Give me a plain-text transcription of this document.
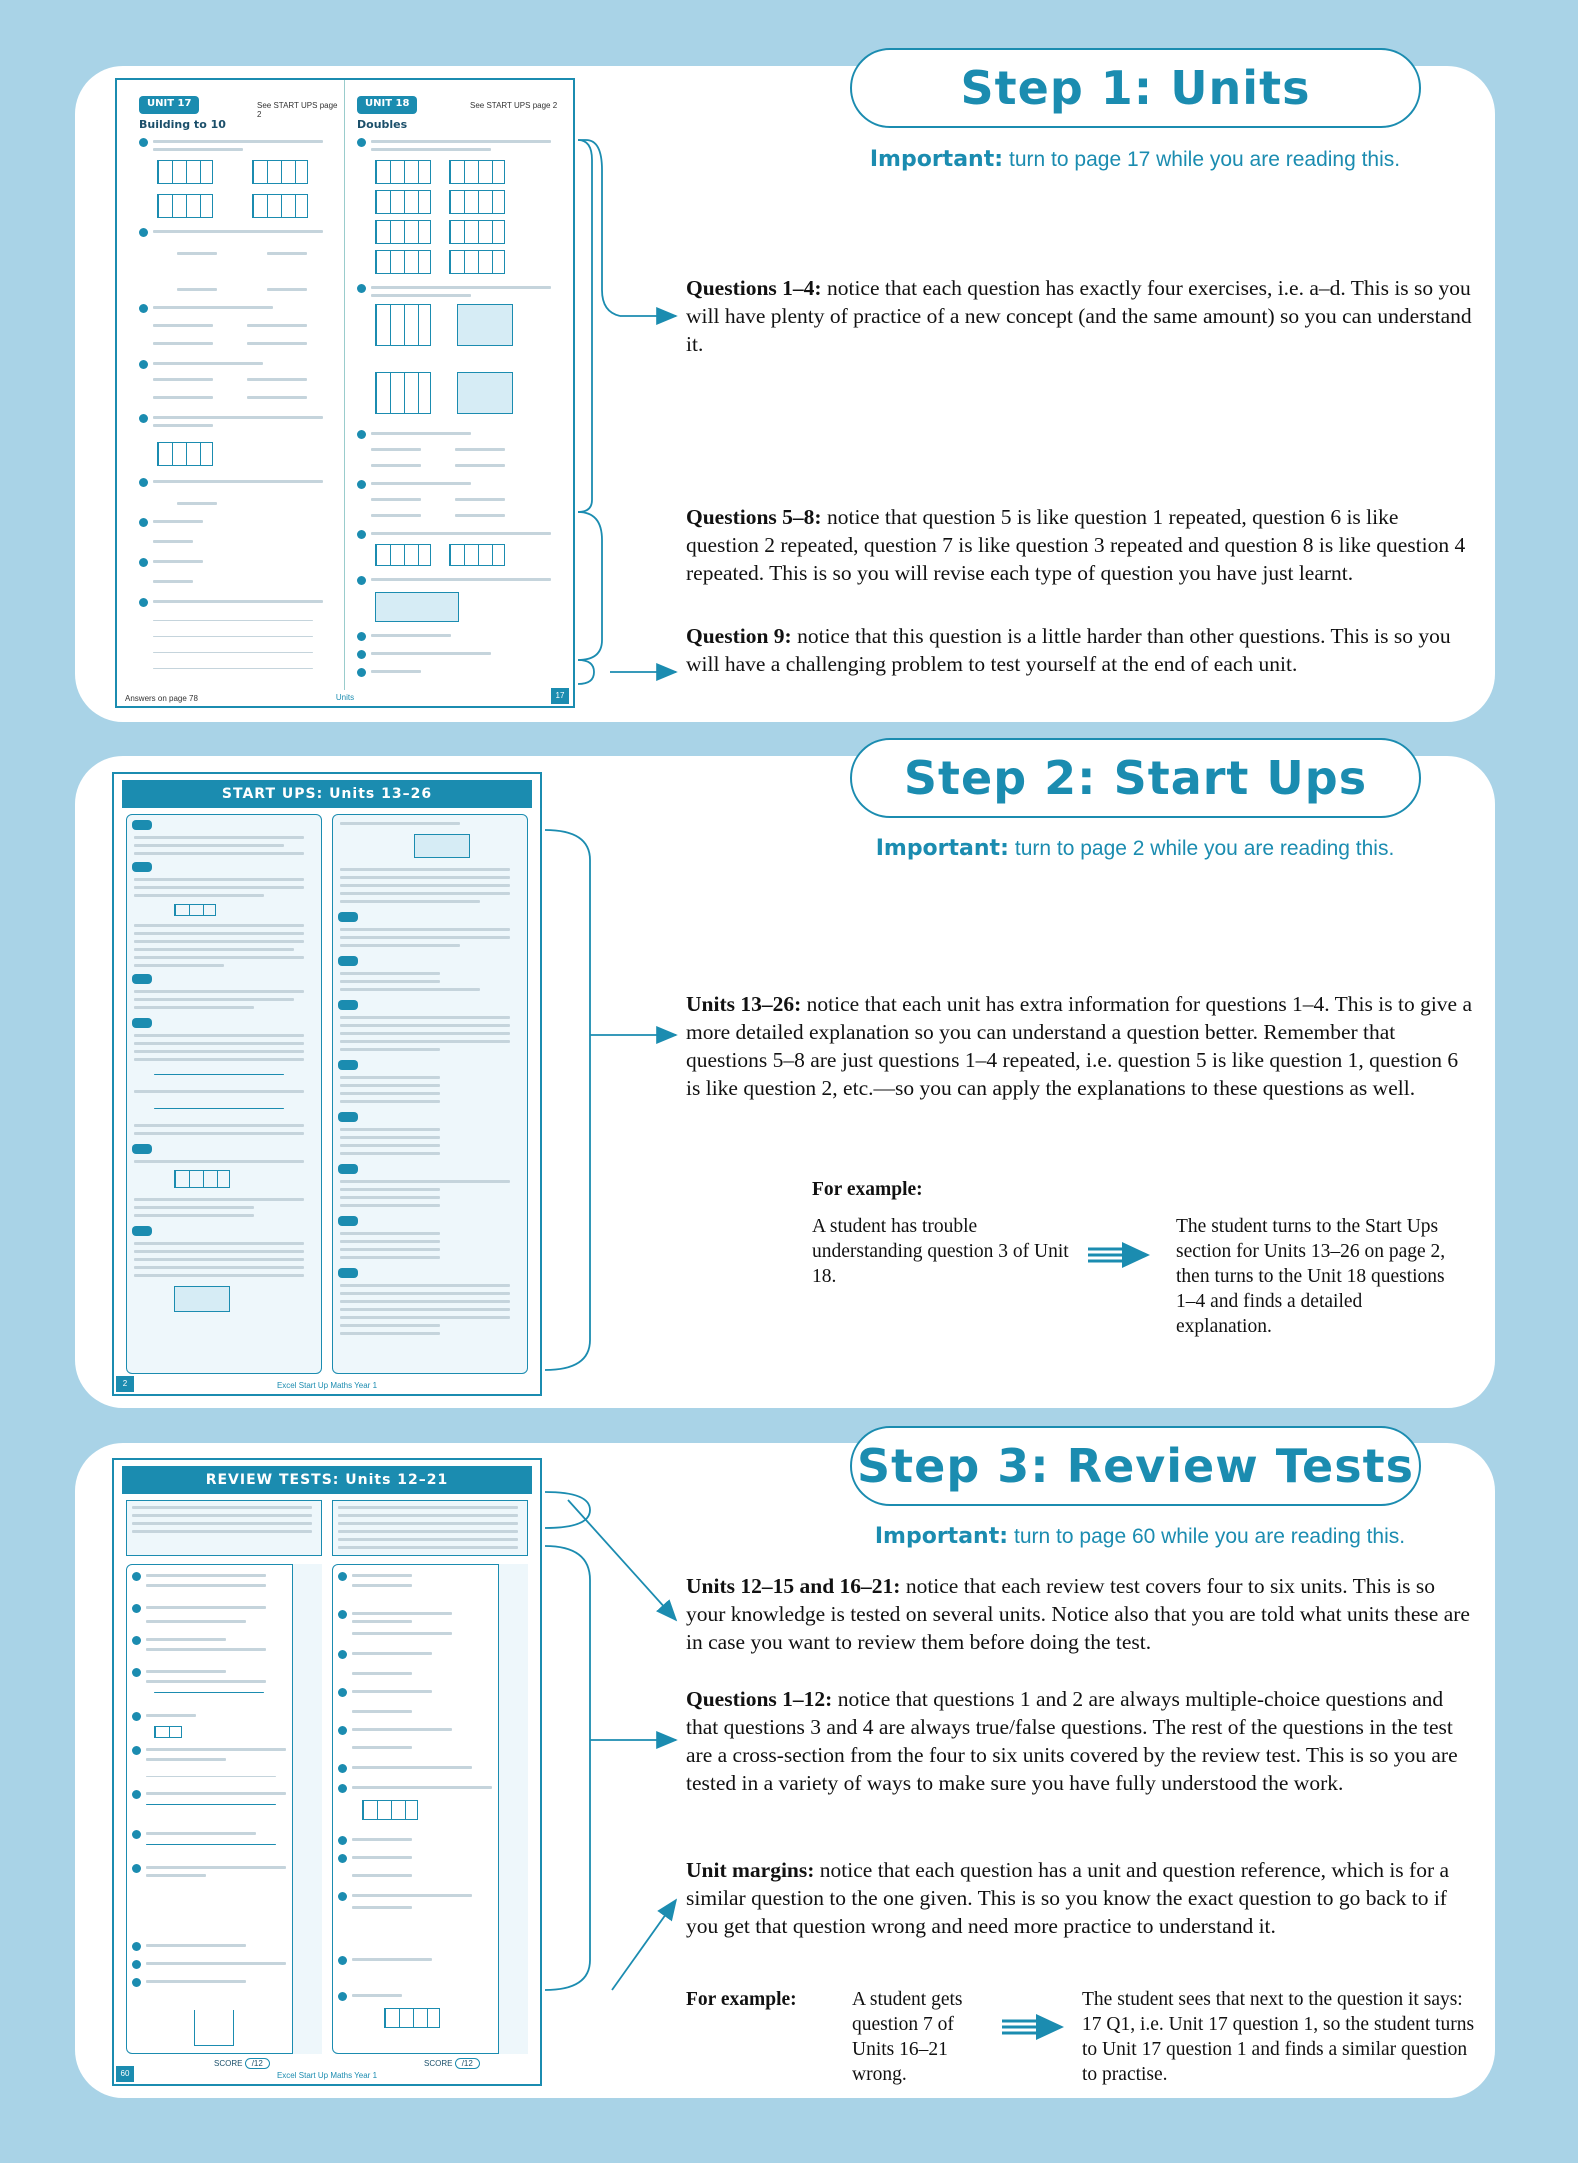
Step 1: Units
Important: turn to page 17 while you are reading this.
UNIT 17	See START UPS page 2
Building to 10
UNIT 18	See START UPS page 2
Doubles
Answers on page 78	Units	17
Questions 1–4: notice that each question has exactly four exercises, i.e. a–d. This is so you will have plenty of practice of a new concept (and the same amount) so you can understand it.
Questions 5–8: notice that question 5 is like question 1 repeated, question 6 is like question 2 repeated, question 7 is like question 3 repeated and question 8 is like question 4 repeated. This is so you will revise each type of question you have just learnt.
Question 9: notice that this question is a little harder than other questions. This is so you will have a challenging problem to test yourself at the end of each unit.
Step 2: Start Ups
Important: turn to page 2 while you are reading this.
START UPS: Units 13–26
Excel Start Up Maths Year 1
2
Units 13–26: notice that each unit has extra information for questions 1–4. This is to give a more detailed explanation so you can understand a question better. Remember that questions 5–8 are just questions 1–4 repeated, i.e. question 5 is like question 1, question 6 is like question 2, etc.—so you can apply the explanations to these questions as well.
For example:
A student has trouble understanding question 3 of Unit 18.
The student turns to the Start Ups section for Units 13–26 on page 2, then turns to the Unit 18 questions 1–4 and finds a detailed explanation.
Step 3: Review Tests
Important: turn to page 60 while you are reading this.
REVIEW TESTS: Units 12–21
SCORE /12	SCORE /12
Excel Start Up Maths Year 1
60
Units 12–15 and 16–21: notice that each review test covers four to six units. This is so your knowledge is tested on several units. Notice also that you are told what units these are in case you want to review them before doing the test.
Questions 1–12: notice that questions 1 and 2 are always multiple-choice questions and that questions 3 and 4 are always true/false questions. The rest of the questions in the test are a cross-section from the four to six units covered by the review test. This is so you are tested in a variety of ways to make sure you have fully understood the work.
Unit margins: notice that each question has a unit and question reference, which is for a similar question to the one given. This is so you know the exact question to go back to if you get that question wrong and need more practice to understand it.
For example:	A student gets question 7 of Units 16–21 wrong.
The student sees that next to the question it says: 17 Q1, i.e. Unit 17 question 1, so the student turns to Unit 17 question 1 and finds a similar question to practise.
